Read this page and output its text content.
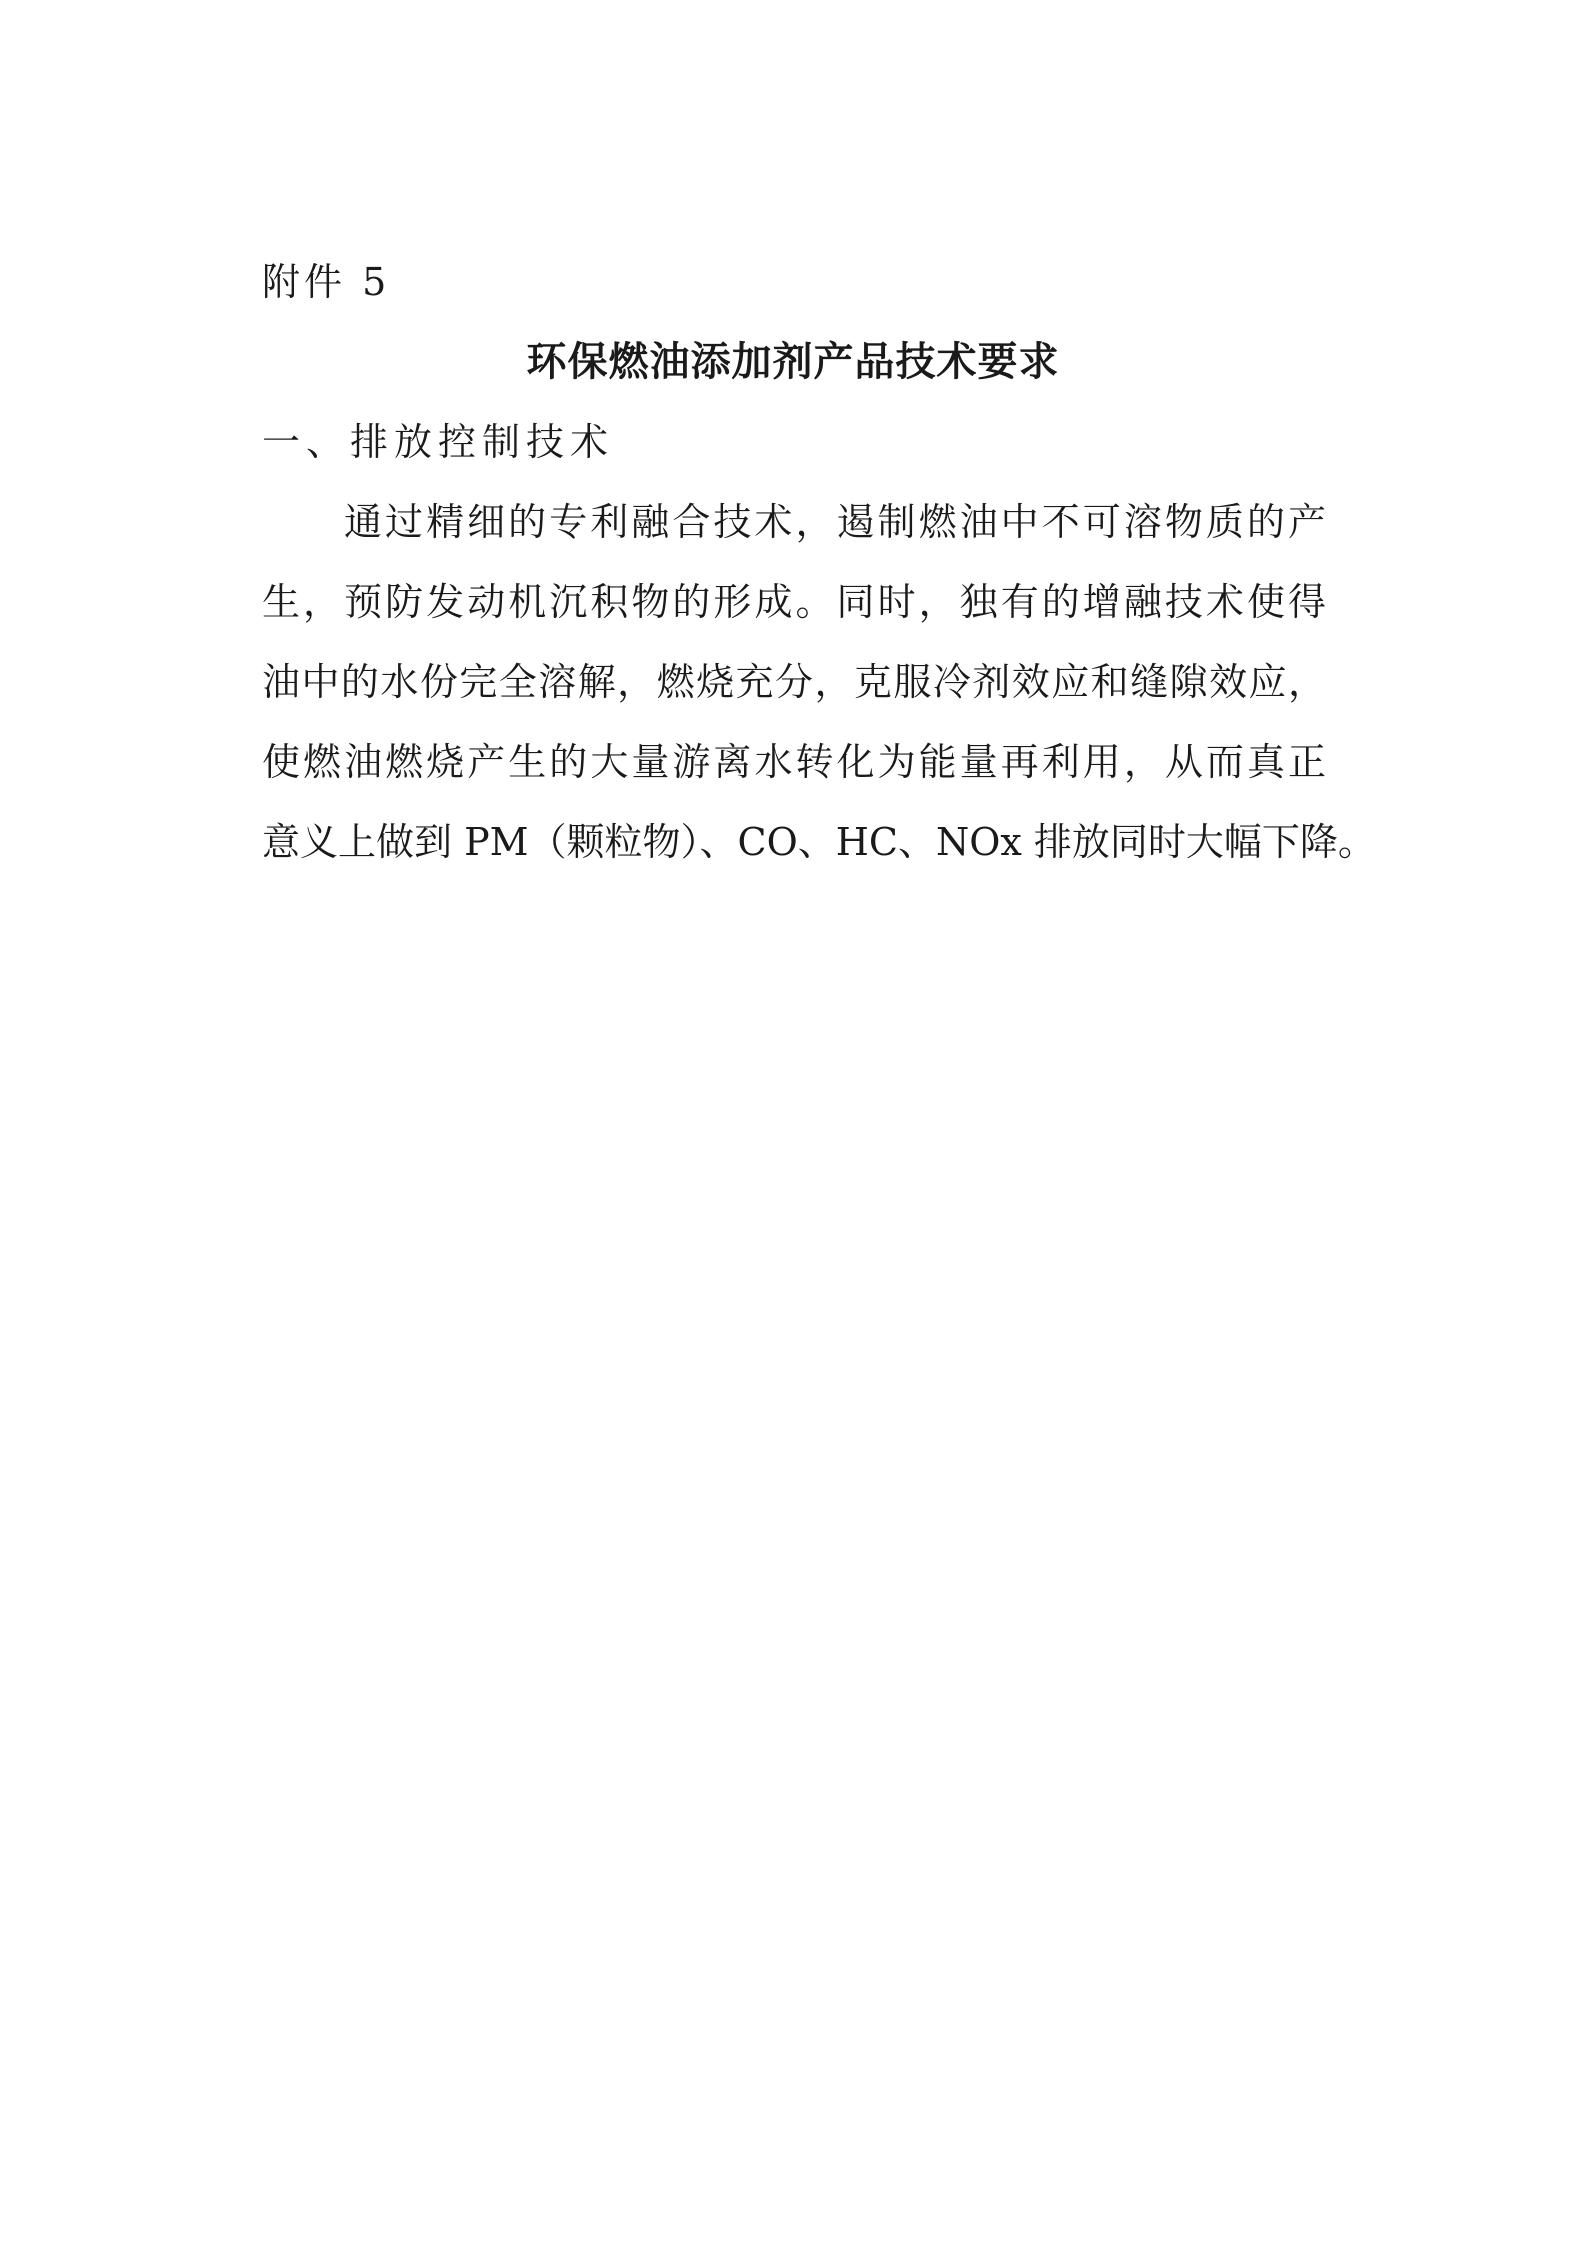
附件 5
环保燃油添加剂产品技术要求
一、排放控制技术
通过精细的专利融合技术，遏制燃油中不可溶物质的产
生，预防发动机沉积物的形成。同时，独有的增融技术使得
油中的水份完全溶解，燃烧充分，克服冷剂效应和缝隙效应，
使燃油燃烧产生的大量游离水转化为能量再利用，从而真正
意义上做到 PM（颗粒物）、CO、HC、NOx 排放同时大幅下降。
